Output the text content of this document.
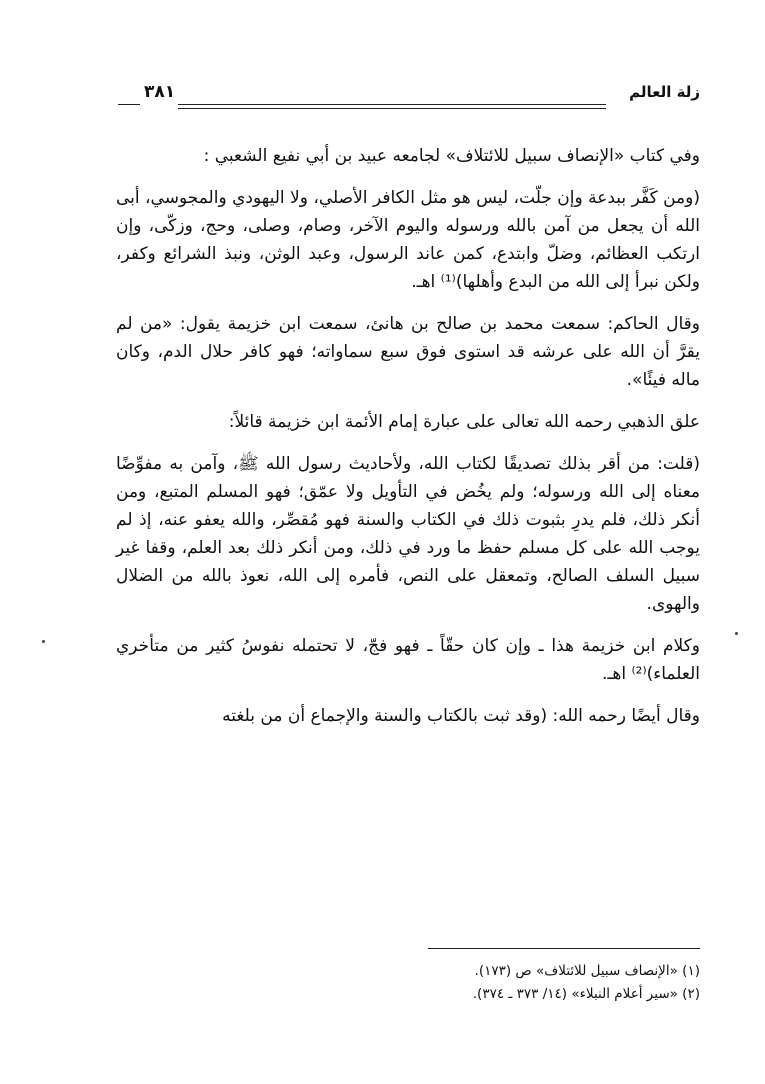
زلة العالم
٣٨١

وفي كتاب «الإنصاف سبيل للائتلاف» لجامعه عبيد بن أبي نفيع الشعبي :

(ومن كَفَّر ببدعة وإن جلّت، ليس هو مثل الكافر الأصلي، ولا اليهودي والمجوسي، أبى الله أن يجعل من آمن بالله ورسوله واليوم الآخر، وصام، وصلى، وحج، وزكّى، وإن ارتكب العظائم، وضلّ وابتدع، كمن عاند الرسول، وعبد الوثن، ونبذ الشرائع وكفر، ولكن نبرأ إلى الله من البدع وأهلها)⁽¹⁾ اهـ.

وقال الحاكم: سمعت محمد بن صالح بن هانئ، سمعت ابن خزيمة يقول: «من لم يقرَّ أن الله على عرشه قد استوى فوق سبع سماواته؛ فهو كافر حلال الدم، وكان ماله فيئًا».

علق الذهبي رحمه الله تعالى على عبارة إمام الأئمة ابن خزيمة قائلاً:

(قلت: من أقر بذلك تصديقًا لكتاب الله، ولأحاديث رسول الله ﷺ، وآمن به مفوِّضًا معناه إلى الله ورسوله؛ ولم يخُض في التأويل ولا عمّق؛ فهو المسلم المتبع، ومن أنكر ذلك، فلم يدرِ بثبوت ذلك في الكتاب والسنة فهو مُقصِّر، والله يعفو عنه، إذ لم يوجب الله على كل مسلم حفظ ما ورد في ذلك، ومن أنكر ذلك بعد العلم، وقفا غير سبيل السلف الصالح، وتمعقل على النص، فأمره إلى الله، نعوذ بالله من الضلال والهوى.

وكلام ابن خزيمة هذا ـ وإن كان حقّاً ـ فهو فجّ، لا تحتمله نفوسُ كثير من متأخري العلماء)⁽²⁾ اهـ.

وقال أيضًا رحمه الله: (وقد ثبت بالكتاب والسنة والإجماع أن من بلغته

(١) «الإنصاف سبيل للائتلاف» ص (١٧٣).
(٢) «سير أعلام النبلاء» (١٤/ ٣٧٣ ـ ٣٧٤).
